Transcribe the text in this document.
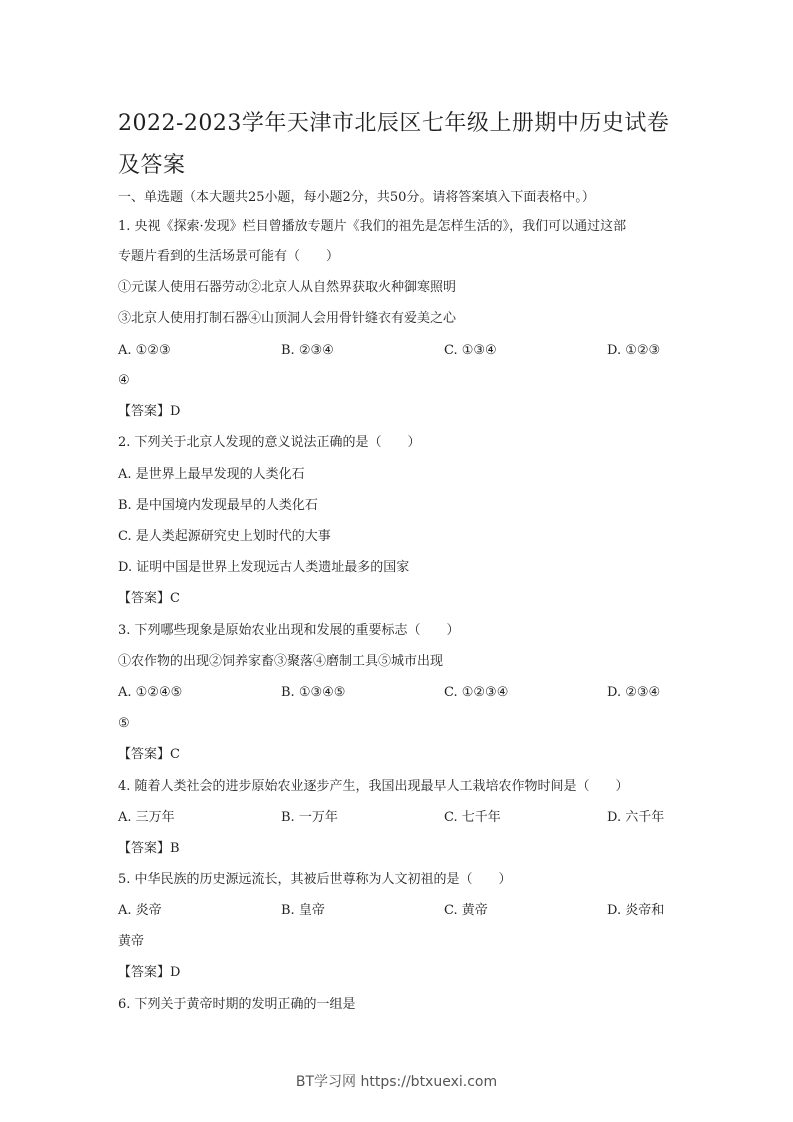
2022-2023学年天津市北辰区七年级上册期中历史试卷及答案
一、单选题（本大题共25小题，每小题2分，共50分。请将答案填入下面表格中。）
1. 央视《探索·发现》栏目曾播放专题片《我们的祖先是怎样生活的》，我们可以通过这部
专题片看到的生活场景可能有（　　）
①元谋人使用石器劳动②北京人从自然界获取火种御寒照明
③北京人使用打制石器④山顶洞人会用骨针缝衣有爱美之心
A. ①②③	B. ②③④	C. ①③④	D. ①②③
④
【答案】D
2. 下列关于北京人发现的意义说法正确的是（　　）
A. 是世界上最早发现的人类化石
B. 是中国境内发现最早的人类化石
C. 是人类起源研究史上划时代的大事
D. 证明中国是世界上发现远古人类遗址最多的国家
【答案】C
3. 下列哪些现象是原始农业出现和发展的重要标志（　　）
①农作物的出现②饲养家畜③聚落④磨制工具⑤城市出现
A. ①②④⑤	B. ①③④⑤	C. ①②③④	D. ②③④
⑤
【答案】C
4. 随着人类社会的进步原始农业逐步产生，我国出现最早人工栽培农作物时间是（　　）
A. 三万年	B. 一万年	C. 七千年	D. 六千年
【答案】B
5. 中华民族的历史源远流长，其被后世尊称为人文初祖的是（　　）
A. 炎帝	B. 皇帝	C. 黄帝	D. 炎帝和
黄帝
【答案】D
6. 下列关于黄帝时期的发明正确的一组是
BT学习网 https://btxuexi.com
